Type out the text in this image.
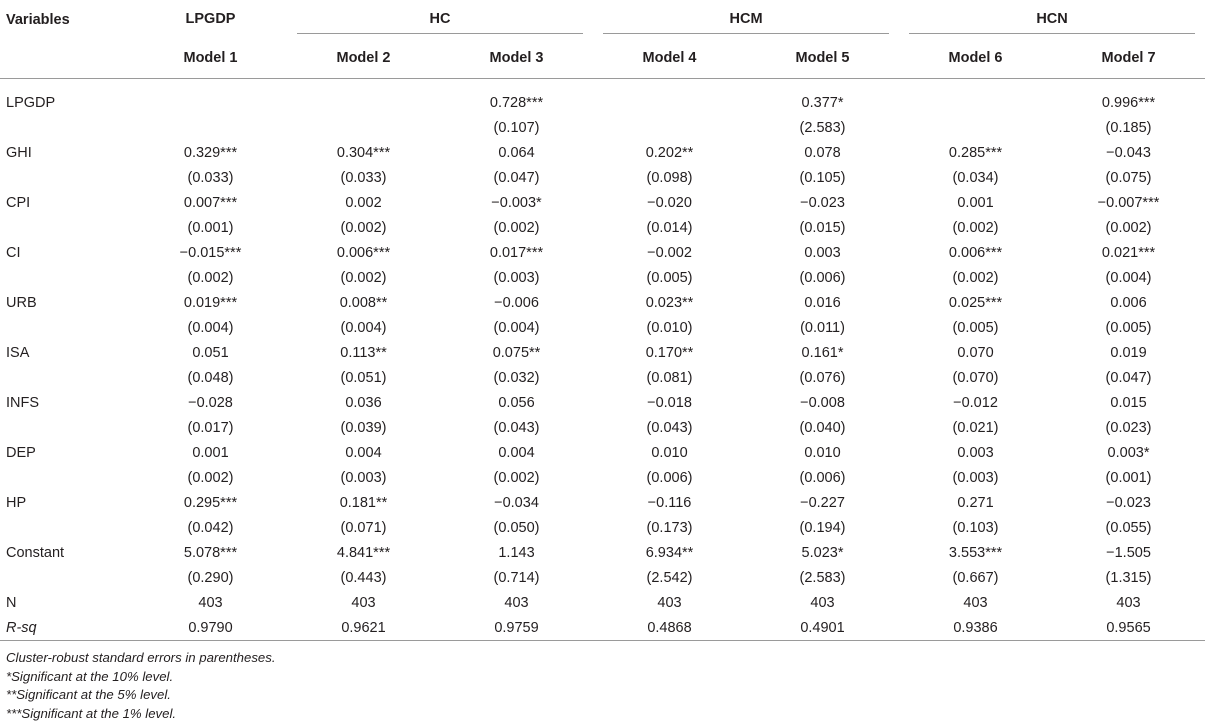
Variables	LPGDP	HC		HCM		HCN	

	Model 1	Model 2	Model 3	Model 4	Model 5	Model 6	Model 7

LPGDP			0.728***		0.377*		0.996***
			(0.107)		(2.583)		(0.185)
GHI	0.329***	0.304***	0.064	0.202**	0.078	0.285***	−0.043
	(0.033)	(0.033)	(0.047)	(0.098)	(0.105)	(0.034)	(0.075)
CPI	0.007***	0.002	−0.003*	−0.020	−0.023	0.001	−0.007***
	(0.001)	(0.002)	(0.002)	(0.014)	(0.015)	(0.002)	(0.002)
CI	−0.015***	0.006***	0.017***	−0.002	0.003	0.006***	0.021***
	(0.002)	(0.002)	(0.003)	(0.005)	(0.006)	(0.002)	(0.004)
URB	0.019***	0.008**	−0.006	0.023**	0.016	0.025***	0.006
	(0.004)	(0.004)	(0.004)	(0.010)	(0.011)	(0.005)	(0.005)
ISA	0.051	0.113**	0.075**	0.170**	0.161*	0.070	0.019
	(0.048)	(0.051)	(0.032)	(0.081)	(0.076)	(0.070)	(0.047)
INFS	−0.028	0.036	0.056	−0.018	−0.008	−0.012	0.015
	(0.017)	(0.039)	(0.043)	(0.043)	(0.040)	(0.021)	(0.023)
DEP	0.001	0.004	0.004	0.010	0.010	0.003	0.003*
	(0.002)	(0.003)	(0.002)	(0.006)	(0.006)	(0.003)	(0.001)
HP	0.295***	0.181**	−0.034	−0.116	−0.227	0.271	−0.023
	(0.042)	(0.071)	(0.050)	(0.173)	(0.194)	(0.103)	(0.055)
Constant	5.078***	4.841***	1.143	6.934**	5.023*	3.553***	−1.505
	(0.290)	(0.443)	(0.714)	(2.542)	(2.583)	(0.667)	(1.315)
N	403	403	403	403	403	403	403
R-sq	0.9790	0.9621	0.9759	0.4868	0.4901	0.9386	0.9565
Cluster-robust standard errors in parentheses.
*Significant at the 10% level.
**Significant at the 5% level.
***Significant at the 1% level.
